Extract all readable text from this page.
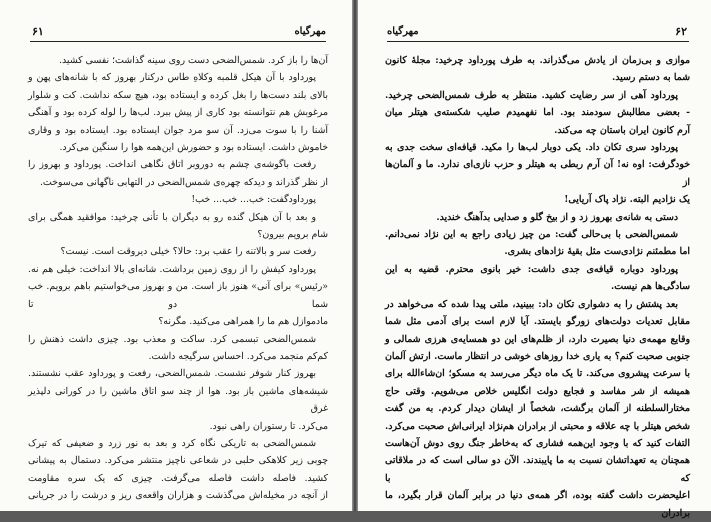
مهرگیاه
۶۱

آن‌ها را باز کرد. شمس‌الضحی دست روی سینه گذاشت؛ نفسی کشید.

پورداود با آن هیکل قلمبه وکلاهِ طاس درکنار بهروز که با شانه‌های پهن و

بالای بلند دست‌ها را بغل کرده و ایستاده بود، هیچ سکه نداشت. کت و شلوار

مرغوبش هم نتوانسته بود کاری از پیش ببرد. لب‌ها را لوله کرده بود و آهنگی

آشنا را با سوت می‌زد. آن سو مرد جوان ایستاده بود. ایستاده بود و وقاری

خاموش داشت. ایستاده بود و حضورش این‌همه هوا را سنگین می‌کرد.

رفعت باگوشه‌ی چشم به دوروبر اتاق نگاهی انداخت. پورداود و بهروز را

از نظر گذراند و دیدکه چهره‌ی شمس‌الضحی در التهابی ناگهانی می‌سوخت.

پورداودگفت: خب... خب... خب!

و بعد با آن هیکل گنده رو به دیگران با تأنی چرخید: موافقید همگی برای

شام برویم بیرون؟

رفعت سر و بالاتنه را عقب برد: حالا؟ خیلی دیروقت است. نیست؟

پورداود کیفش را از روی زمین برداشت. شانه‌ای بالا انداخت: خیلی هم نه.

«رئیس» برای آنی» هنوز باز است. من و بهروز می‌خواستیم باهم برویم. خب شما دو تا

مادموازل هم ما را همراهی می‌کنید. مگرنه؟

شمس‌الضحی تبسمی کرد. ساکت و معذب بود. چیزی داشت ذهنش را

کم‌کم منجمد می‌کرد. احساس سرگیجه داشت.

بهروز کنار شوفر نشست. شمس‌الضحی، رفعت و پورداود عقب نشستند.

شیشه‌های ماشین باز بود. هوا از چند سو اتاق ماشین را در کورانی دلپذیر غرق

می‌کرد. تا رستوران راهی نبود.

شمس‌الضحی به تاریکی نگاه کرد و بعد به نور زرد و ضعیفی که تیرک

چوبی زیر کلاهکی حلبی در شعاعی ناچیز منتشر می‌کرد. دستمال به پیشانی

کشید. فاصله داشت فاصله می‌گرفت. چیزی که یک سره مقاومت

از آنچه در مخیله‌اش می‌گذشت و هزاران واقعه‌ی ریز و درشت را در جریانی

مهرگیاه	۶۲

موازی و بی‌زمان از یادش می‌گذراند. به طرف پورداود چرخید: مجلهٔ کانون

شما به دستم رسید.

پورداود آهی از سر رضایت کشید. منتظر به طرف شمس‌الضحی چرخید.

- بعضی مطالبش سودمند بود. اما نفهمیدم صلیب شکسته‌ی هیتلر میان

آرم کانون ایران باستان چه می‌کند.

پورداود سری تکان داد. یکی دوبار لب‌ها را مکید. قیافه‌ای سخت جدی به

خودگرفت: اوه نه! آن آرم ربطی به هیتلر و حزب نازی‌ای ندارد. ما و آلمان‌ها از

یک نژادیم البته. نژاد پاک آریایی!

دستی به شانه‌ی بهروز زد و از بیخ گلو و صدایی بدآهنگ خندید.

شمس‌الضحی با بی‌حالی گفت: من چیز زیادی راجع به این نژاد نمی‌دانم.

اما مطمئنم نژادی‌ست مثل بقیهٔ نژادهای بشری.

پورداود دوباره قیافه‌ی جدی داشت: خیر بانوی محترم. قضیه به این

سادگی‌ها هم نیست.

بعد پشتش را به دشواری تکان داد: ببینید، ملتی پیدا شده که می‌خواهد در

مقابل تعدیات دولت‌های زورگو بایستد. آیا لازم است برای آدمی مثل شما

وقایع مهمه‌ی دنیا بصیرت دارد، از ظلم‌های این دو همسایه‌ی هرزی شمالی و

جنوبی صحبت کنم؟ به یاری خدا روزهای خوشی در انتظار ماست. ارتش آلمان

با سرعت پیشروی می‌کند. تا یک ماه دیگر می‌رسد به مسکو؛ ان‌شاءالله برای

همیشه از شر مفاسد و فجایع دولت انگلیس خلاص می‌شویم. وقتی حاج

مختارالسلطنه از آلمان برگشت، شخصاً از ایشان دیدار کردم. به من گفت

شخص هیتلر با چه علاقه و محبتی از برادران هم‌نژاد ایرانی‌اش صحبت می‌کرد.

التفات کنید که با وجود این‌همه فشاری که به‌خاطر جنگ روی دوش آن‌هاست

همچنان به تعهداتشان نسبت به ما پایبندند. الآن دو سالی است که در ملاقاتی که با

اعلیحضرت داشت گفته بوده، اگر همه‌ی دنیا در برابر آلمان قرار بگیرد، ما برادران
